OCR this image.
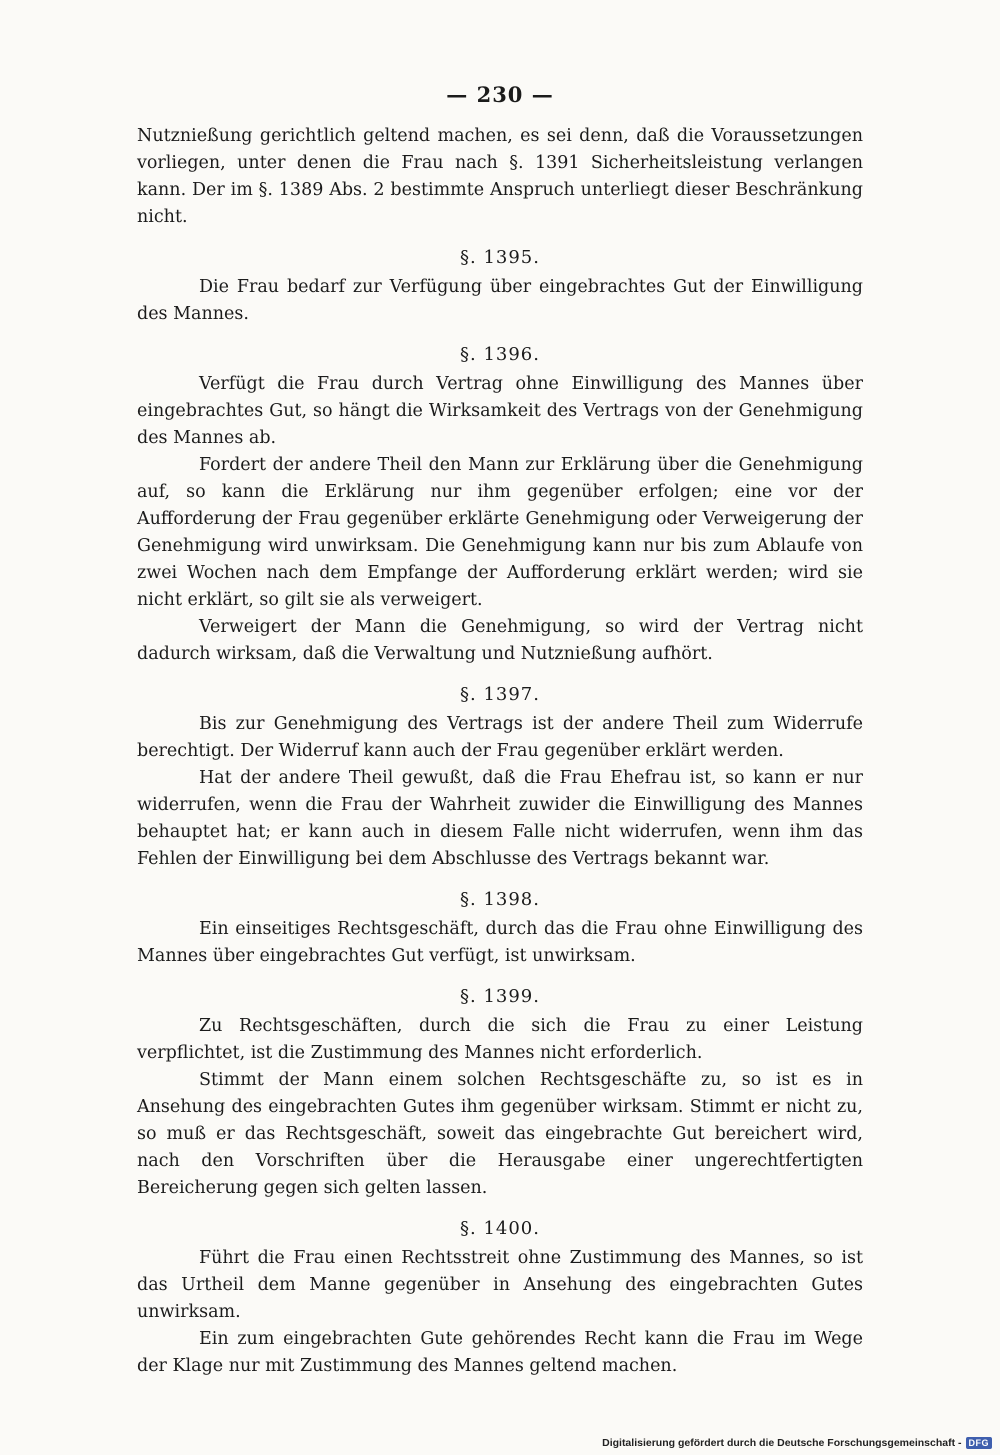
— 230 —

Nutznießung gerichtlich geltend machen, es sei denn, daß die Voraussetzungen vorliegen, unter denen die Frau nach §. 1391 Sicherheitsleistung verlangen kann. Der im §. 1389 Abs. 2 bestimmte Anspruch unterliegt dieser Beschränkung nicht.

§. 1395.

Die Frau bedarf zur Verfügung über eingebrachtes Gut der Einwilligung des Mannes.

§. 1396.

Verfügt die Frau durch Vertrag ohne Einwilligung des Mannes über eingebrachtes Gut, so hängt die Wirksamkeit des Vertrags von der Genehmigung des Mannes ab.

Fordert der andere Theil den Mann zur Erklärung über die Genehmigung auf, so kann die Erklärung nur ihm gegenüber erfolgen; eine vor der Aufforderung der Frau gegenüber erklärte Genehmigung oder Verweigerung der Genehmigung wird unwirksam. Die Genehmigung kann nur bis zum Ablaufe von zwei Wochen nach dem Empfange der Aufforderung erklärt werden; wird sie nicht erklärt, so gilt sie als verweigert.

Verweigert der Mann die Genehmigung, so wird der Vertrag nicht dadurch wirksam, daß die Verwaltung und Nutznießung aufhört.

§. 1397.

Bis zur Genehmigung des Vertrags ist der andere Theil zum Widerrufe berechtigt. Der Widerruf kann auch der Frau gegenüber erklärt werden.

Hat der andere Theil gewußt, daß die Frau Ehefrau ist, so kann er nur widerrufen, wenn die Frau der Wahrheit zuwider die Einwilligung des Mannes behauptet hat; er kann auch in diesem Falle nicht widerrufen, wenn ihm das Fehlen der Einwilligung bei dem Abschlusse des Vertrags bekannt war.

§. 1398.

Ein einseitiges Rechtsgeschäft, durch das die Frau ohne Einwilligung des Mannes über eingebrachtes Gut verfügt, ist unwirksam.

§. 1399.

Zu Rechtsgeschäften, durch die sich die Frau zu einer Leistung verpflichtet, ist die Zustimmung des Mannes nicht erforderlich.

Stimmt der Mann einem solchen Rechtsgeschäfte zu, so ist es in Ansehung des eingebrachten Gutes ihm gegenüber wirksam. Stimmt er nicht zu, so muß er das Rechtsgeschäft, soweit das eingebrachte Gut bereichert wird, nach den Vorschriften über die Herausgabe einer ungerechtfertigten Bereicherung gegen sich gelten lassen.

§. 1400.

Führt die Frau einen Rechtsstreit ohne Zustimmung des Mannes, so ist das Urtheil dem Manne gegenüber in Ansehung des eingebrachten Gutes unwirksam.

Ein zum eingebrachten Gute gehörendes Recht kann die Frau im Wege der Klage nur mit Zustimmung des Mannes geltend machen.

Digitalisierung gefördert durch die Deutsche Forschungsgemeinschaft - DFG
